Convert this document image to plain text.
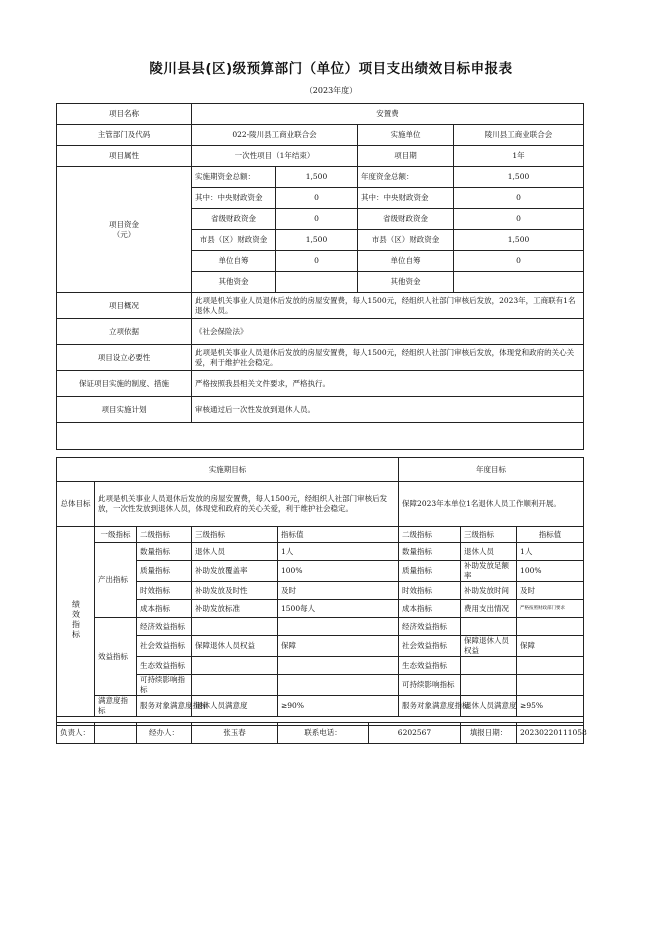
陵川县县(区)级预算部门（单位）项目支出绩效目标申报表
（2023年度）
项目名称	安置费			
主管部门及代码	022-陵川县工商业联合会		实施单位	陵川县工商业联合会
项目属性	一次性项目（1年结束）		项目期	1年
项目资金
（元）	实施期资金总额：	1,500	年度资金总额：	1,500
	其中：中央财政资金	0	其中：中央财政资金	0
	省级财政资金	0	省级财政资金	0
	市县（区）财政资金	1,500	市县（区）财政资金	1,500
	单位自筹	0	单位自筹	0
	其他资金		其他资金	
项目概况	此项是机关事业人员退休后发放的房屋安置费，每人1500元，经组织人社部门审核后发放，2023年，工商联有1名退休人员。			
立项依据	《社会保险法》			
项目设立必要性	此项是机关事业人员退休后发放的房屋安置费，每人1500元，经组织人社部门审核后发放，体现党和政府的关心关爱，利于维护社会稳定。			
保证项目实施的制度、措施	严格按照我县相关文件要求，严格执行。			
项目实施计划	审核通过后一次性发放到退休人员。			

实施期目标					年度目标		
总体目标	此项是机关事业人员退休后发放的房屋安置费，每人1500元，经组织人社部门审核后发放，一次性发放到退休人员，体现党和政府的关心关爱，利于维护社会稳定。				保障2023年本单位1名退休人员工作顺利开展。		
绩效指标	一级指标	二级指标	三级指标	指标值	二级指标	三级指标	指标值
	产出指标	数量指标	退休人员	1人	数量指标	退休人员	1人
		质量指标	补助发放覆盖率	100%	质量指标	补助发放足额率	100%
		时效指标	补助发放及时性	及时	时效指标	补助发放时间	及时
		成本指标	补助发放标准	1500每人	成本指标	费用支出情况	严格按照财政部门要求
	效益指标	经济效益指标			经济效益指标		
		社会效益指标	保障退休人员权益	保障	社会效益指标	保障退休人员权益	保障
		生态效益指标			生态效益指标		
		可持续影响指标			可持续影响指标		
	满意度指标	服务对象满意度指标	退休人员满意度	≥90%	服务对象满意度指标	退休人员满意度	≥95%

负责人：		经办人：	张玉春	联系电话：	6202567	填报日期：	20230220111058
